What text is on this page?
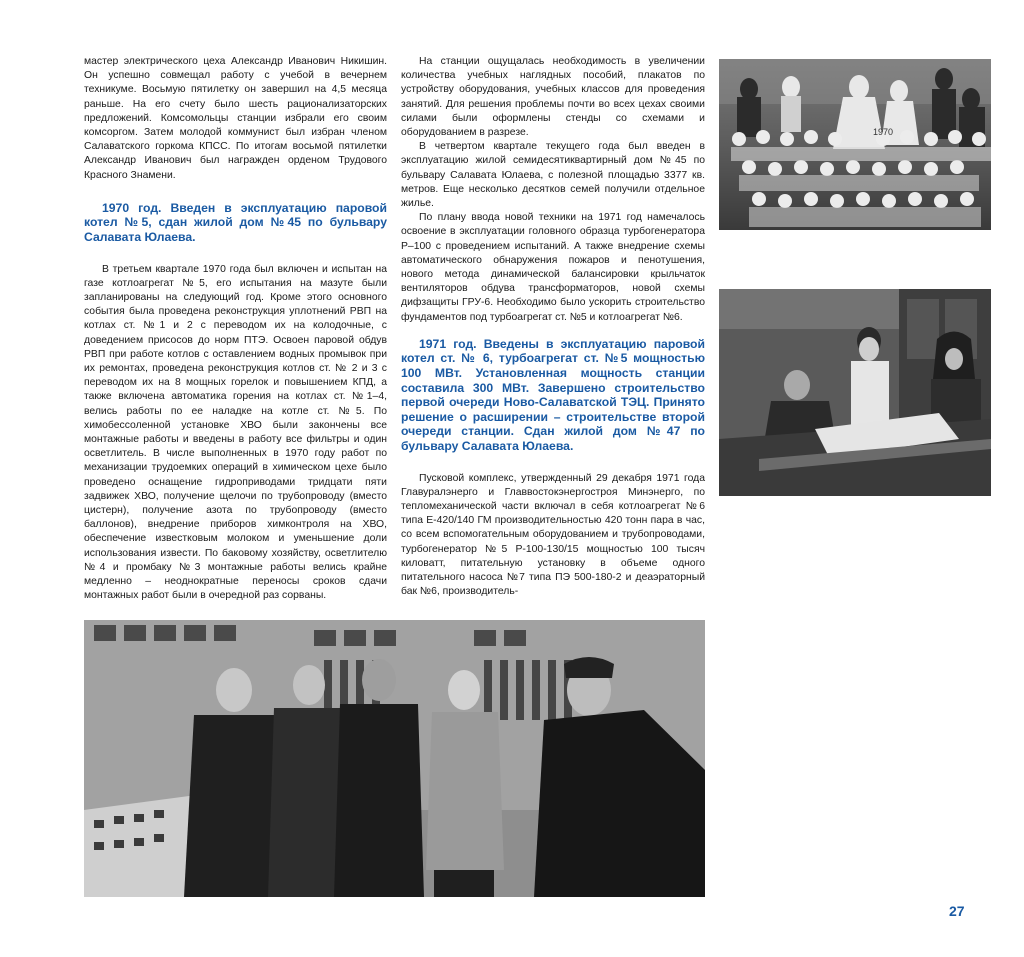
мастер электрического цеха Александр Иванович Никишин. Он успешно совмещал работу с учебой в вечернем техникуме. Восьмую пятилетку он завершил на 4,5 месяца раньше. На его счету было шесть рационализаторских предложений. Комсомольцы станции избрали его своим комсоргом. Затем молодой коммунист был избран членом Салаватского горкома КПСС. По итогам восьмой пятилетки Александр Иванович был награжден орденом Трудового Красного Знамени.

1970 год. Введен в эксплуатацию паровой котел №5, сдан жилой дом №45 по бульвару Салавата Юлаева.

В третьем квартале 1970 года был включен и испытан на газе котлоагрегат №5, его испытания на мазуте были запланированы на следующий год. Кроме этого основного события была проведена реконструкция уплотнений РВП на котлах ст. №1 и 2 с переводом их на колодочные, с доведением присосов до норм ПТЭ. Освоен паровой обдув РВП при работе котлов с оставлением водных промывок при их ремонтах, проведена реконструкция котлов ст. № 2 и 3 с переводом их на 8 мощных горелок и повышением КПД, а также включена автоматика горения на котлах ст. №1–4, велись работы по ее наладке на котле ст. №5. По химобессоленной установке ХВО были закончены все монтажные работы и введены в работу все фильтры и один осветлитель. В числе выполненных в 1970 году работ по механизации трудоемких операций в химическом цехе было проведено оснащение гидроприводами тридцати пяти задвижек ХВО, получение щелочи по трубопроводу (вместо цистерн), получение азота по трубопроводу (вместо баллонов), внедрение приборов химконтроля на ХВО, обеспечение известковым молоком и уменьшение доли использования извести. По баковому хозяйству, осветлителю №4 и промбаку №3 монтажные работы велись крайне медленно – неоднократные переносы сроков сдачи монтажных работ были в очередной раз сорваны.

На станции ощущалась необходимость в увеличении количества учебных наглядных пособий, плакатов по устройству оборудования, учебных классов для проведения занятий. Для решения проблемы почти во всех цехах своими силами были оформлены стенды со схемами и оборудованием в разрезе.

В четвертом квартале текущего года был введен в эксплуатацию жилой семидесятиквартирный дом №45 по бульвару Салавата Юлаева, с полезной площадью 3377 кв. метров. Еще несколько десятков семей получили отдельное жилье.

По плану ввода новой техники на 1971 год намечалось освоение в эксплуатации головного образца турбогенератора Р–100 с проведением испытаний. А также внедрение схемы автоматического обнаружения пожаров и пенотушения, нового метода динамической балансировки крыльчаток вентиляторов обдува трансформаторов, новой схемы дифзащиты ГРУ-6. Необходимо было ускорить строительство фундаментов под турбоагрегат ст. №5 и котлоагрегат №6.

1971 год. Введены в эксплуатацию паровой котел ст. № 6, турбоагрегат ст. №5 мощностью 100 МВт. Установленная мощность станции составила 300 МВт. Завершено строительство первой очереди Ново-Салаватской ТЭЦ. Принято решение о расширении – строительстве второй очереди станции. Сдан жилой дом №47 по бульвару Салавата Юлаева.

Пусковой комплекс, утвержденный 29 декабря 1971 года Главуралэнерго и Главвостокэнергостроя Минэнерго, по тепломеханической части включал в себя котлоагрегат №6 типа Е-420/140 ГМ производительностью 420 тонн пара в час, со всем вспомогательным оборудованием и трубопроводами, турбогенератор №5 Р-100-130/15 мощностью 100 тысяч киловатт, питательную установку в объеме одного питательного насоса №7 типа ПЭ 500-180-2 и деаэраторный бак №6, производитель-

1970
27
